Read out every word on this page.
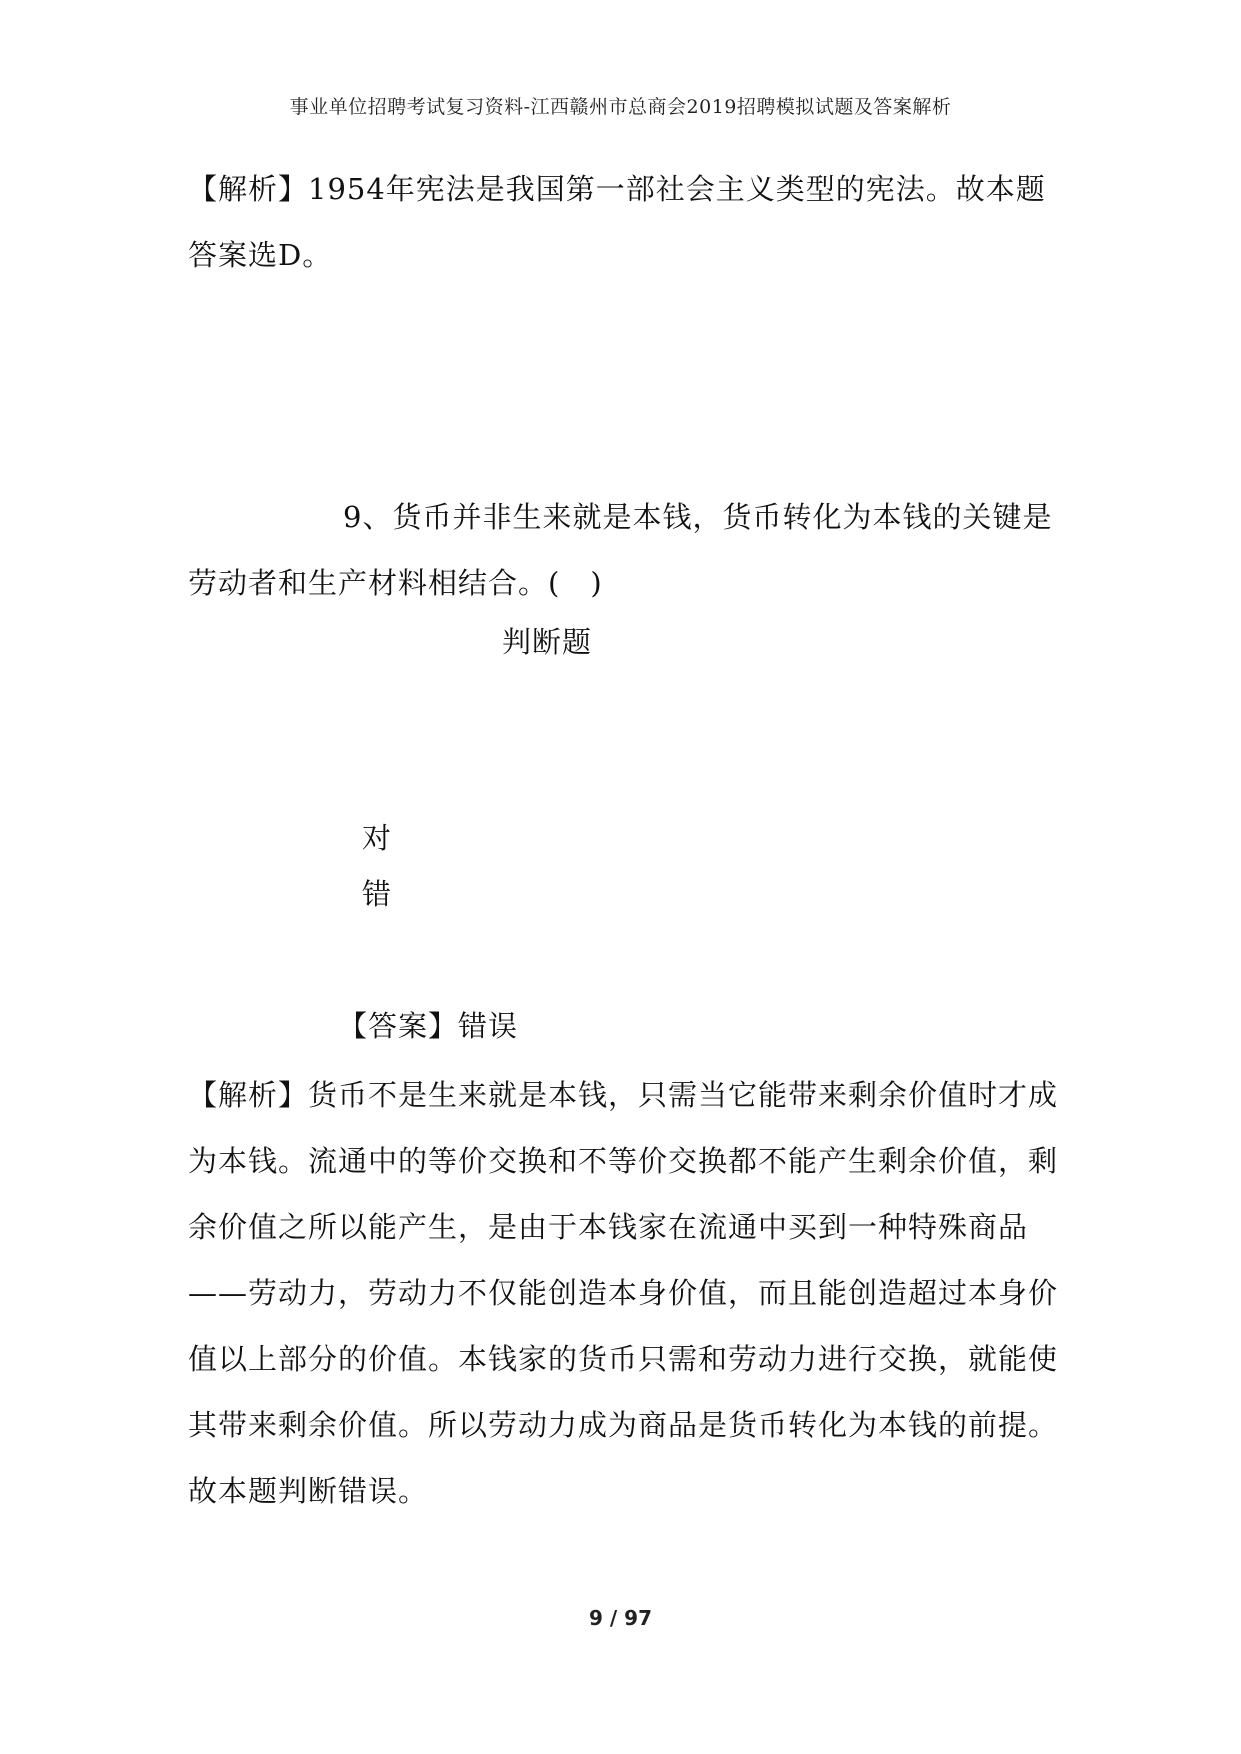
事业单位招聘考试复习资料-江西赣州市总商会2019招聘模拟试题及答案解析

【解析】1954年宪法是我国第一部社会主义类型的宪法。故本题答案选D。

9、货币并非生来就是本钱，货币转化为本钱的关键是劳动者和生产材料相结合。(　)

判断题
对
错
【答案】错误

【解析】货币不是生来就是本钱，只需当它能带来剩余价值时才成为本钱。流通中的等价交换和不等价交换都不能产生剩余价值，剩余价值之所以能产生，是由于本钱家在流通中买到一种特殊商品——劳动力，劳动力不仅能创造本身价值，而且能创造超过本身价值以上部分的价值。本钱家的货币只需和劳动力进行交换，就能使其带来剩余价值。所以劳动力成为商品是货币转化为本钱的前提。故本题判断错误。

9 / 97
